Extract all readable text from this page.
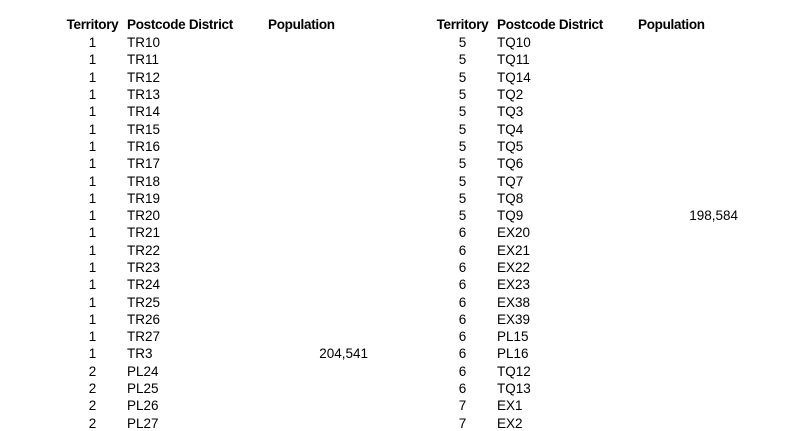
Territory Postcode District	Population
1	TR10
1	TR11
1	TR12
1	TR13
1	TR14
1	TR15
1	TR16
1	TR17
1	TR18
1	TR19
1	TR20
1	TR21
1	TR22
1	TR23
1	TR24
1	TR25
1	TR26
1	TR27
1	TR3	204,541
2	PL24
2	PL25
2	PL26
2	PL27
Territory Postcode District	Population
5	TQ10
5	TQ11
5	TQ14
5	TQ2
5	TQ3
5	TQ4
5	TQ5
5	TQ6
5	TQ7
5	TQ8
5	TQ9	198,584
6	EX20
6	EX21
6	EX22
6	EX23
6	EX38
6	EX39
6	PL15
6	PL16
6	TQ12
6	TQ13
7	EX1
7	EX2
